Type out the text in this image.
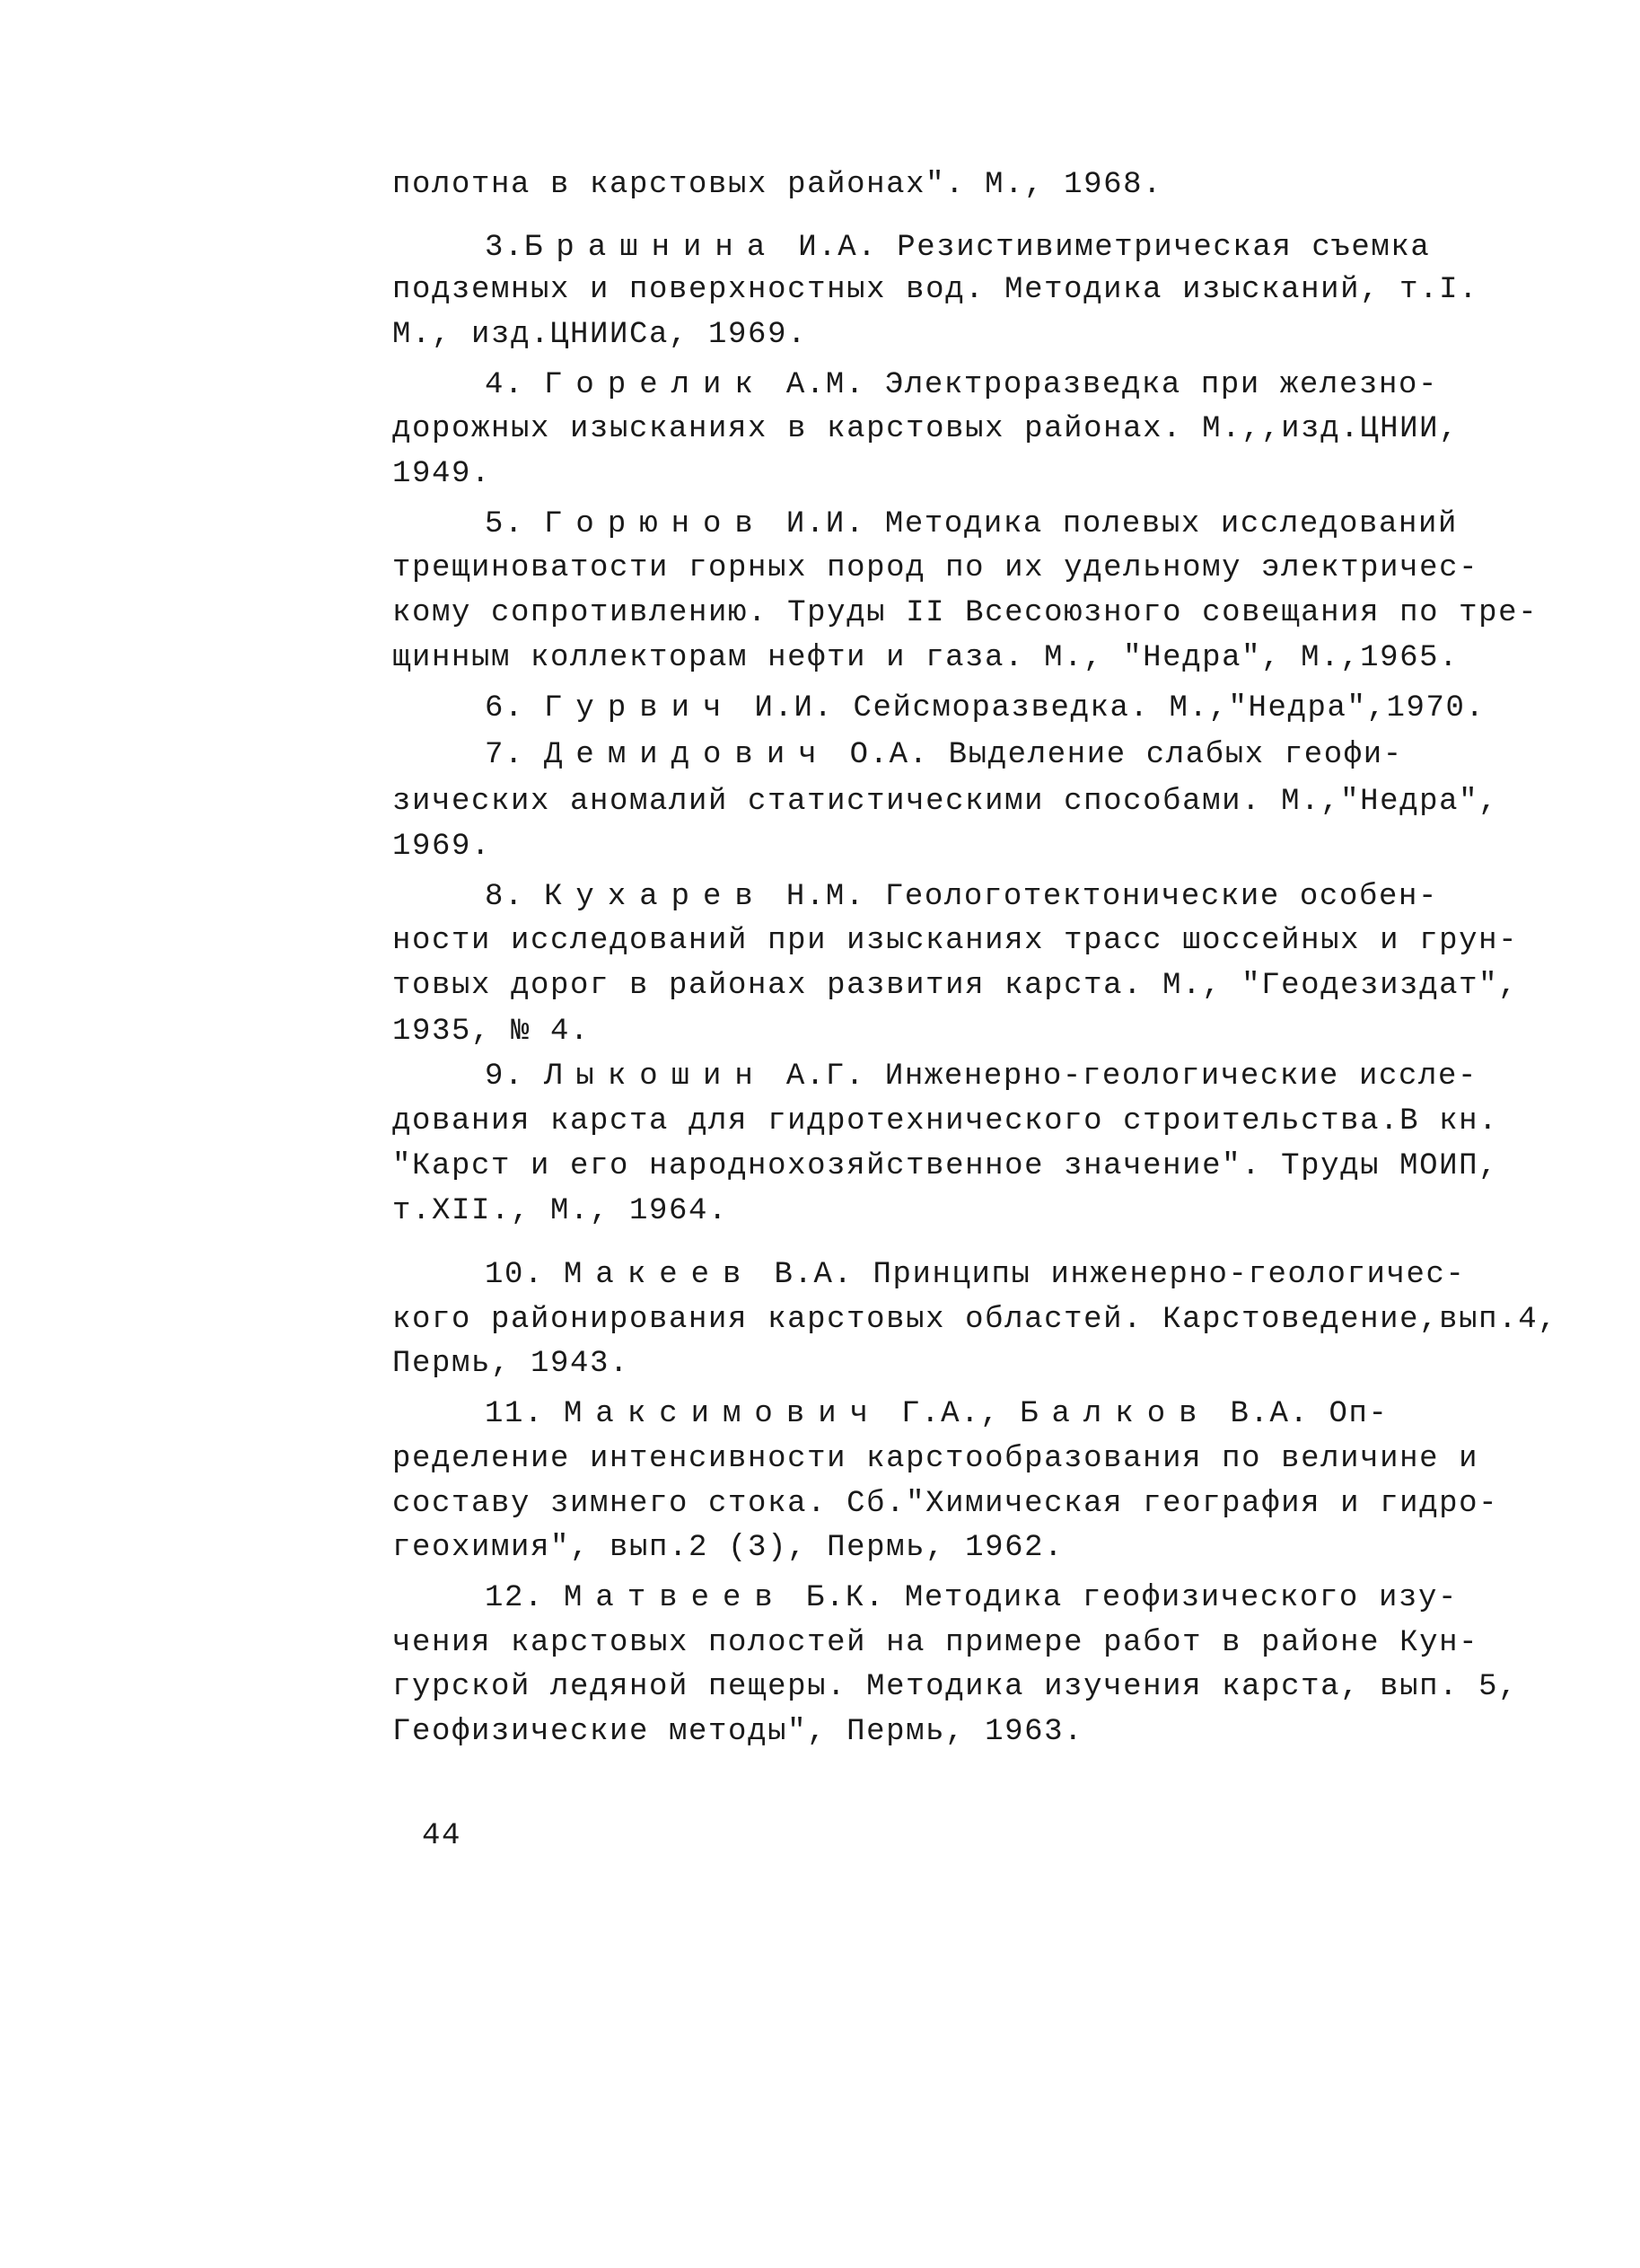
полотна в карстовых районах". М., 1968.
3.Брашнина И.А. Резистивиметрическая съемка
подземных и поверхностных вод. Методика изысканий, т.I.
М., изд.ЦНИИСа, 1969.
4. Горелик А.М. Электроразведка при железно-
дорожных изысканиях в карстовых районах. М.,,изд.ЦНИИ,
1949.
5. Горюнов И.И. Методика полевых исследований
трещиноватости горных пород по их удельному электричес-
кому сопротивлению. Труды II Всесоюзного совещания по тре-
щинным коллекторам нефти и газа. М., "Недра", М.,1965.
6. Гурвич И.И. Сейсморазведка. М.,"Недра",1970.
7. Демидович О.А. Выделение слабых геофи-
зических аномалий статистическими способами. М.,"Недра",
1969.
8. Кухарев Н.М. Геологотектонические особен-
ности исследований при изысканиях трасс шоссейных и грун-
товых дорог в районах развития карста. М., "Геодезиздат",
1935, № 4.
9. Лыкошин А.Г. Инженерно-геологические иссле-
дования карста для гидротехнического строительства.В кн.
"Карст и его народнохозяйственное значение". Труды МОИП,
т.XII., М., 1964.
10. Макеев В.А. Принципы инженерно-геологичес-
кого районирования карстовых областей. Карстоведение,вып.4,
Пермь, 1943.
11. Максимович Г.А., Балков В.А. Оп-
ределение интенсивности карстообразования по величине и
составу зимнего стока. Сб."Химическая география и гидро-
геохимия", вып.2 (3), Пермь, 1962.
12. Матвеев Б.К. Методика геофизического изу-
чения карстовых полостей на примере работ в районе Кун-
гурской ледяной пещеры. Методика изучения карста, вып. 5,
Геофизические методы", Пермь, 1963.
44
